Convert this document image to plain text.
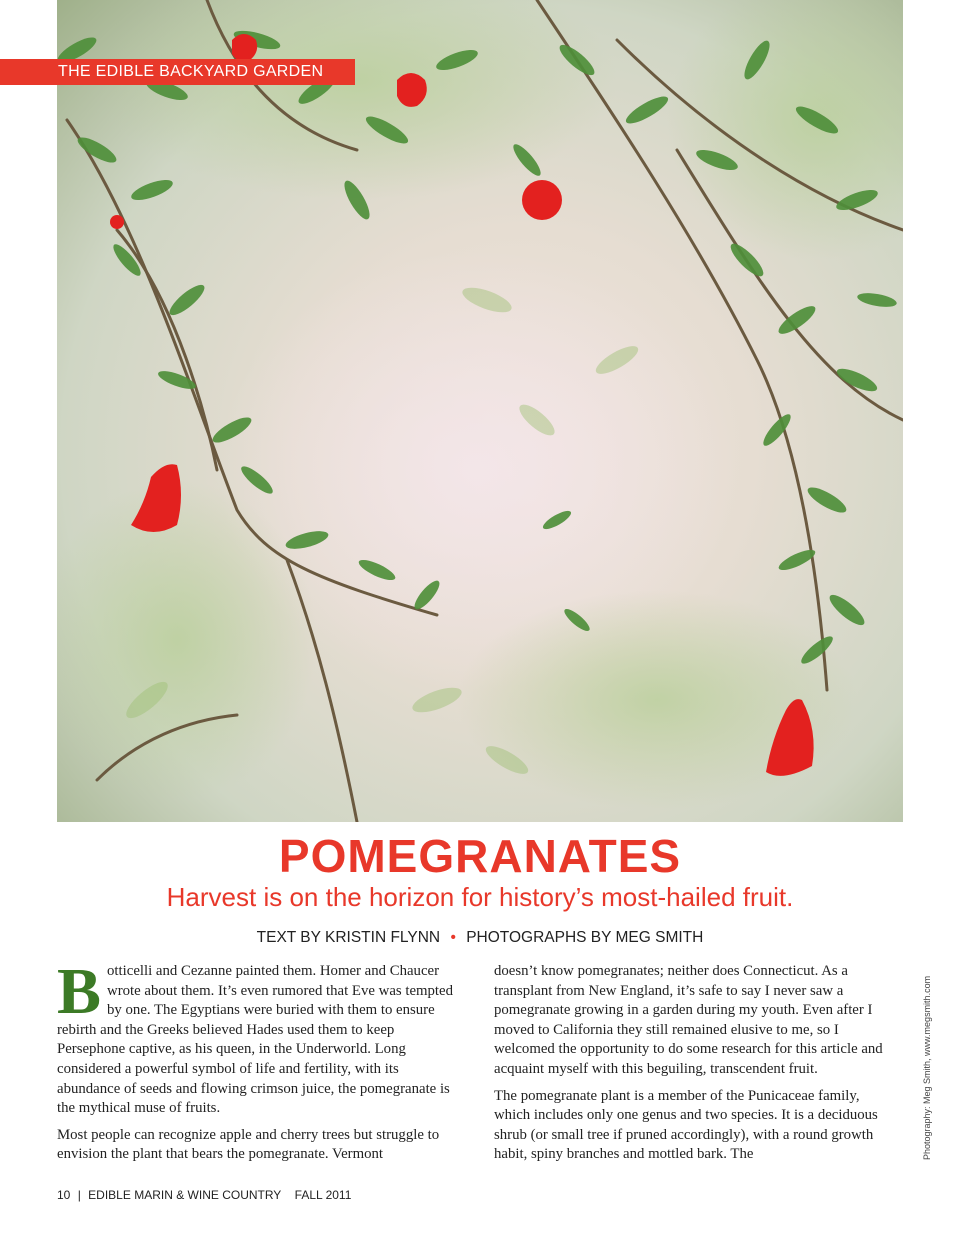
THE EDIBLE BACKYARD GARDEN
POMEGRANATES
Harvest is on the horizon for history’s most-hailed fruit.
TEXT BY KRISTIN FLYNN • PHOTOGRAPHS BY MEG SMITH

Botticelli and Cezanne painted them. Homer and Chaucer wrote about them. It’s even rumored that Eve was tempted by one. The Egyptians were buried with them to ensure rebirth and the Greeks believed Hades used them to keep Persephone captive, as his queen, in the Underworld. Long considered a powerful symbol of life and fertility, with its abundance of seeds and flowing crimson juice, the pomegranate is the mythical muse of fruits.

Most people can recognize apple and cherry trees but struggle to envision the plant that bears the pomegranate. Vermont

doesn’t know pomegranates; neither does Connecticut. As a transplant from New England, it’s safe to say I never saw a pomegranate growing in a garden during my youth. Even after I moved to California they still remained elusive to me, so I welcomed the opportunity to do some research for this article and acquaint myself with this beguiling, transcendent fruit.

The pomegranate plant is a member of the Punicaceae family, which includes only one genus and two species. It is a deciduous shrub (or small tree if pruned accordingly), with a round growth habit, spiny branches and mottled bark. The	Photography: Meg Smith, www.megsmith.com
10 | EDIBLE MARIN & WINE COUNTRY FALL 2011
